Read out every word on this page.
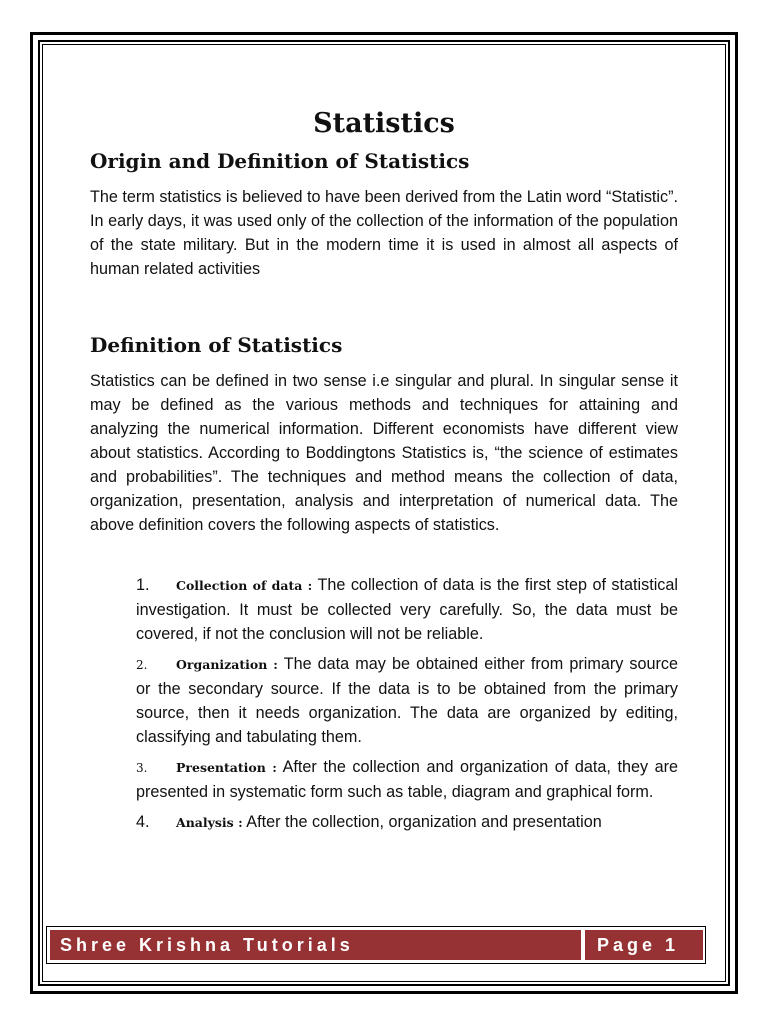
Statistics
Origin and Definition of Statistics

The term statistics is believed to have been derived from the Latin word “Statistic”. In early days, it was used only of the collection of the information of the population of the state military. But in the modern time it is used in almost all aspects of human related activities

Definition of Statistics

Statistics can be defined in two sense i.e singular and plural. In singular sense it may be defined as the various methods and techniques for attaining and analyzing the numerical information. Different economists have different view about statistics. According to Boddingtons Statistics is, “the science of estimates and probabilities”. The techniques and method means the collection of data, organization, presentation, analysis and interpretation of numerical data. The above definition covers the following aspects of statistics.

1. Collection of data : The collection of data is the first step of statistical investigation. It must be collected very carefully. So, the data must be covered, if not the conclusion will not be reliable.

2. Organization : The data may be obtained either from primary source or the secondary source. If the data is to be obtained from the primary source, then it needs organization. The data are organized by editing, classifying and tabulating them.

3. Presentation : After the collection and organization of data, they are presented in systematic form such as table, diagram and graphical form.

4. Analysis : After the collection, organization and presentation

Shree Krishna Tutorials	Page 1
